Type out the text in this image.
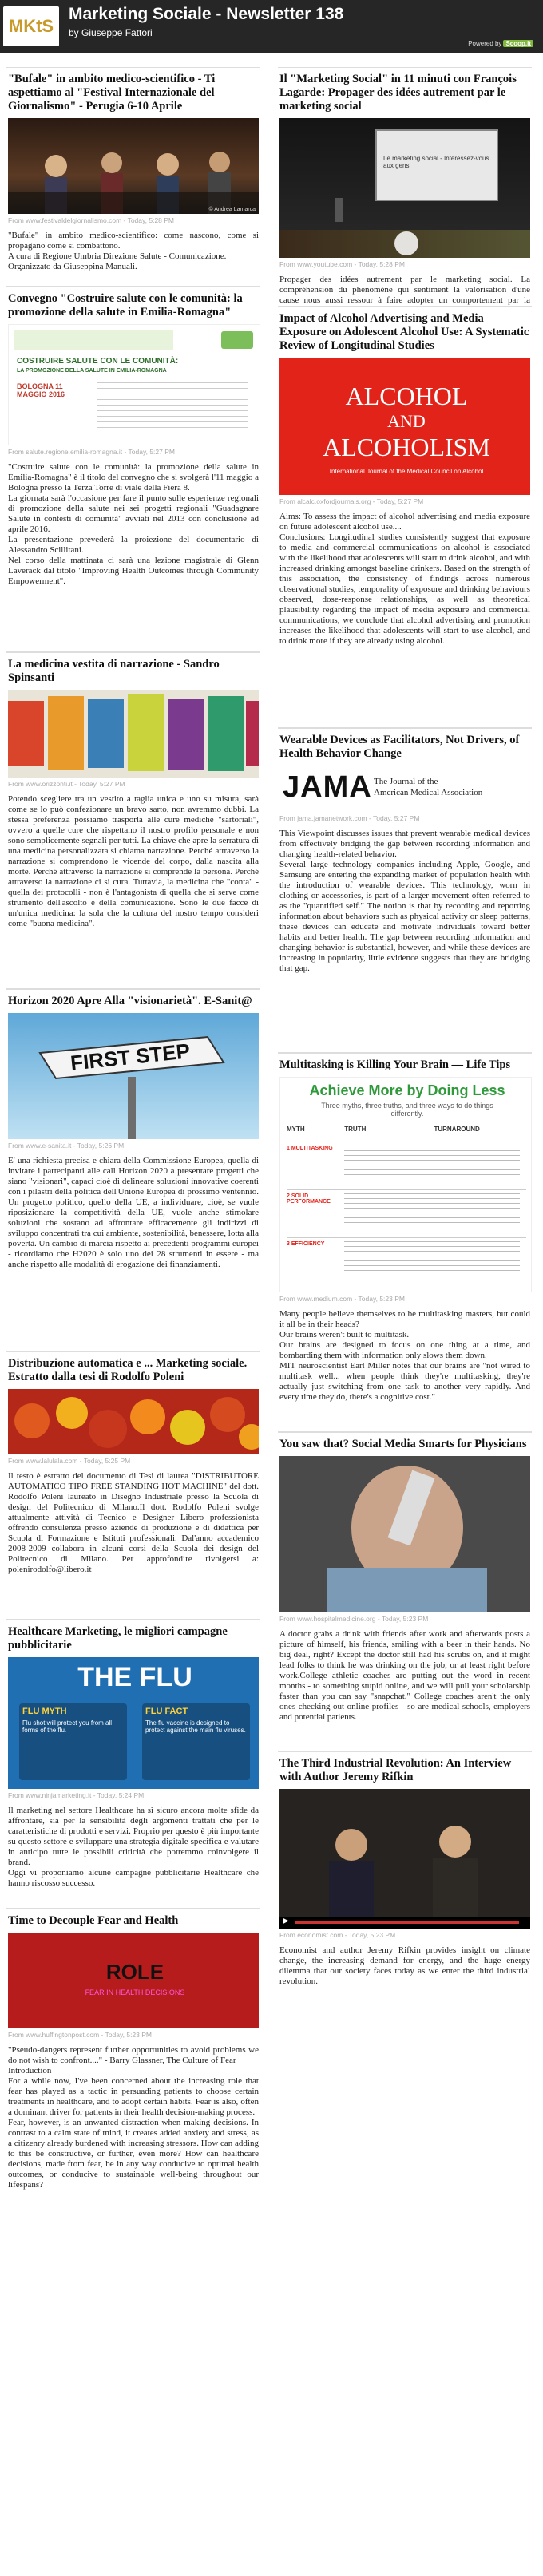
MKtS
Marketing Sociale - Newsletter 138
by Giuseppe Fattori
Powered by Scoop.it
"Bufale" in ambito medico-scientifico - Ti aspettiamo al "Festival Internazionale del Giornalismo" - Perugia 6-10 Aprile
© Andrea Lamarca
From www.festivaldelgiornalismo.com - Today, 5:28 PM
"Bufale" in ambito medico-scientifico: come nascono, come si propagano come si combattono.
A cura di Regione Umbria Direzione Salute - Comunicazione.
Organizzato da Giuseppina Manuali.
Convegno "Costruire salute con le comunità: la promozione della salute in Emilia-Romagna"
COSTRUIRE SALUTE CON LE COMUNITÀ:
LA PROMOZIONE DELLA SALUTE IN EMILIA-ROMAGNA
BOLOGNA 11 MAGGIO 2016
From salute.regione.emilia-romagna.it - Today, 5:27 PM
"Costruire salute con le comunità: la promozione della salute in Emilia-Romagna" è il titolo del convegno che si svolgerà l'11 maggio a Bologna presso la Terza Torre di viale della Fiera 8.
La giornata sarà l'occasione per fare il punto sulle esperienze regionali di promozione della salute nei sei progetti regionali "Guadagnare Salute in contesti di comunità" avviati nel 2013 con conclusione ad aprile 2016.
La presentazione prevederà la proiezione del documentario di Alessandro Scillitani.
Nel corso della mattinata ci sarà una lezione magistrale di Glenn Laverack dal titolo "Improving Health Outcomes through Community Empowerment".
La medicina vestita di narrazione - Sandro Spinsanti
From www.orizzonti.it - Today, 5:27 PM
Potendo scegliere tra un vestito a taglia unica e uno su misura, sarà come se lo può confezionare un bravo sarto, non avremmo dubbi. La stessa preferenza possiamo trasporla alle cure mediche "sartoriali", ovvero a quelle cure che rispettano il nostro profilo personale e non sono semplicemente segnali per tutti. La chiave che apre la serratura di una medicina personalizzata si chiama narrazione. Perché attraverso la narrazione si comprendono le vicende del corpo, dalla nascita alla morte. Perché attraverso la narrazione si comprende la persona. Perché attraverso la narrazione ci si cura. Tuttavia, la medicina che "conta" - quella dei protocolli - non è l'antagonista di quella che si serve come strumento dell'ascolto e della comunicazione. Sono le due facce di un'unica medicina: la sola che la cultura del nostro tempo consideri come "buona medicina".
Horizon 2020 Apre Alla "visionarietà". E-Sanit@
FIRST STEP
From www.e-sanita.it - Today, 5:26 PM
E' una richiesta precisa e chiara della Commissione Europea, quella di invitare i partecipanti alle call Horizon 2020 a presentare progetti che siano "visionari", capaci cioè di delineare soluzioni innovative coerenti con i pilastri della politica dell'Unione Europea di prossimo ventennio. Un progetto politico, quello della UE, a individuare, cioè, se vuole riposizionare la competitività della UE, vuole anche stimolare soluzioni che sostano ad affrontare efficacemente gli indirizzi di sviluppo concentrati tra cui ambiente, sostenibilità, benessere, lotta alla povertà. Un cambio di marcia rispetto ai precedenti programmi europei - ricordiamo che H2020 è solo uno dei 28 strumenti in essere - ma anche rispetto alle modalità di erogazione dei finanziamenti.
Distribuzione automatica e ... Marketing sociale. Estratto dalla tesi di Rodolfo Poleni
From www.lalulala.com - Today, 5:25 PM
Il testo è estratto del documento di Tesi di laurea "DISTRIBUTORE AUTOMATICO TIPO FREE STANDING HOT MACHINE" del dott. Rodolfo Poleni laureato in Disegno Industriale presso la Scuola di design del Politecnico di Milano.Il dott. Rodolfo Poleni svolge attualmente attività di Tecnico e Designer Libero professionista offrendo consulenza presso aziende di produzione e di didattica per Scuola di Formazione e Istituti professionali. Dal'anno accademico 2008-2009 collabora in alcuni corsi della Scuola dei design del Politecnico di Milano. Per approfondire rivolgersi a: polenirodolfo@libero.it
Healthcare Marketing, le migliori campagne pubblicitarie
THE FLU
FLU MYTH
Flu shot will protect you from all forms of the flu.
FLU FACT
The flu vaccine is designed to protect against the main flu viruses.
From www.ninjamarketing.it - Today, 5:24 PM
Il marketing nel settore Healthcare ha sì sicuro ancora molte sfide da affrontare, sia per la sensibilità degli argomenti trattati che per le caratteristiche di prodotti e servizi. Proprio per questo è più importante su questo settore e sviluppare una strategia digitale specifica e valutare in anticipo tutte le possibili criticità che potremmo coinvolgere il brand.
Oggi vi proponiamo alcune campagne pubblicitarie Healthcare che hanno riscosso successo.
Time to Decouple Fear and Health
ROLE
FEAR IN HEALTH DECISIONS
From www.huffingtonpost.com - Today, 5:23 PM
"Pseudo-dangers represent further opportunities to avoid problems we do not wish to confront...." - Barry Glassner, The Culture of Fear
Introduction
For a while now, I've been concerned about the increasing role that fear has played as a tactic in persuading patients to choose certain treatments in healthcare, and to adopt certain habits. Fear is also, often a dominant driver for patients in their health decision-making process.
Fear, however, is an unwanted distraction when making decisions. In contrast to a calm state of mind, it creates added anxiety and stress, as a citizenry already burdened with increasing stressors. How can adding to this be constructive, or further, even more? How can healthcare decisions, made from fear, be in any way conducive to optimal health outcomes, or conducive to sustainable well-being throughout our lifespans?
Il "Marketing Social" in 11 minuti con François Lagarde: Propager des idées autrement par le marketing social
Le marketing social - Intéressez-vous aux gens
From www.youtube.com - Today, 5:28 PM
Propager des idées autrement par le marketing social. La compréhension du phénomène qui sentiment la valorisation d'une cause nous aussi ressour à faire adopter un comportement par la
Impact of Alcohol Advertising and Media Exposure on Adolescent Alcohol Use: A Systematic Review of Longitudinal Studies
ALCOHOL
AND
ALCOHOLISM
International Journal of the Medical Council on Alcohol
From alcalc.oxfordjournals.org - Today, 5:27 PM
Aims: To assess the impact of alcohol advertising and media exposure on future adolescent alcohol use....
Conclusions: Longitudinal studies consistently suggest that exposure to media and commercial communications on alcohol is associated with the likelihood that adolescents will start to drink alcohol, and with increased drinking amongst baseline drinkers. Based on the strength of this association, the consistency of findings across numerous observational studies, temporality of exposure and drinking behaviours observed, dose-response relationships, as well as theoretical plausibility regarding the impact of media exposure and commercial communications, we conclude that alcohol advertising and promotion increases the likelihood that adolescents will start to use alcohol, and to drink more if they are already using alcohol.
Wearable Devices as Facilitators, Not Drivers, of Health Behavior Change
JAMA The Journal of the
American Medical Association
From jama.jamanetwork.com - Today, 5:27 PM
This Viewpoint discusses issues that prevent wearable medical devices from effectively bridging the gap between recording information and changing health-related behavior.
Several large technology companies including Apple, Google, and Samsung are entering the expanding market of population health with the introduction of wearable devices. This technology, worn in clothing or accessories, is part of a larger movement often referred to as the "quantified self." The notion is that by recording and reporting information about behaviors such as physical activity or sleep patterns, these devices can educate and motivate individuals toward better habits and better health. The gap between recording information and changing behavior is substantial, however, and while these devices are increasing in popularity, little evidence suggests that they are bridging that gap.
Multitasking is Killing Your Brain — Life Tips
Achieve More by Doing Less
Three myths, three truths, and three ways to do things differently.
MYTH	TRUTH	TURNAROUND
1 MULTITASKING
2 SOLID PERFORMANCE
3 EFFICIENCY
From www.medium.com - Today, 5:23 PM
Many people believe themselves to be multitasking masters, but could it all be in their heads?
Our brains weren't built to multitask.
Our brains are designed to focus on one thing at a time, and bombarding them with information only slows them down.
MIT neuroscientist Earl Miller notes that our brains are "not wired to multitask well... when people think they're multitasking, they're actually just switching from one task to another very rapidly. And every time they do, there's a cognitive cost."
You saw that? Social Media Smarts for Physicians
From www.hospitalmedicine.org - Today, 5:23 PM
A doctor grabs a drink with friends after work and afterwards posts a picture of himself, his friends, smiling with a beer in their hands. No big deal, right? Except the doctor still had his scrubs on, and it might lead folks to think he was drinking on the job, or at least right before work.College athletic coaches are putting out the word in recent months - to something stupid online, and we will pull your scholarship faster than you can say "snapchat." College coaches aren't the only ones checking out online profiles - so are medical schools, employers and potential patients.
The Third Industrial Revolution: An Interview with Author Jeremy Rifkin
▶
From economist.com - Today, 5:23 PM
Economist and author Jeremy Rifkin provides insight on climate change, the increasing demand for energy, and the huge energy dilemma that our society faces today as we enter the third industrial revolution.
